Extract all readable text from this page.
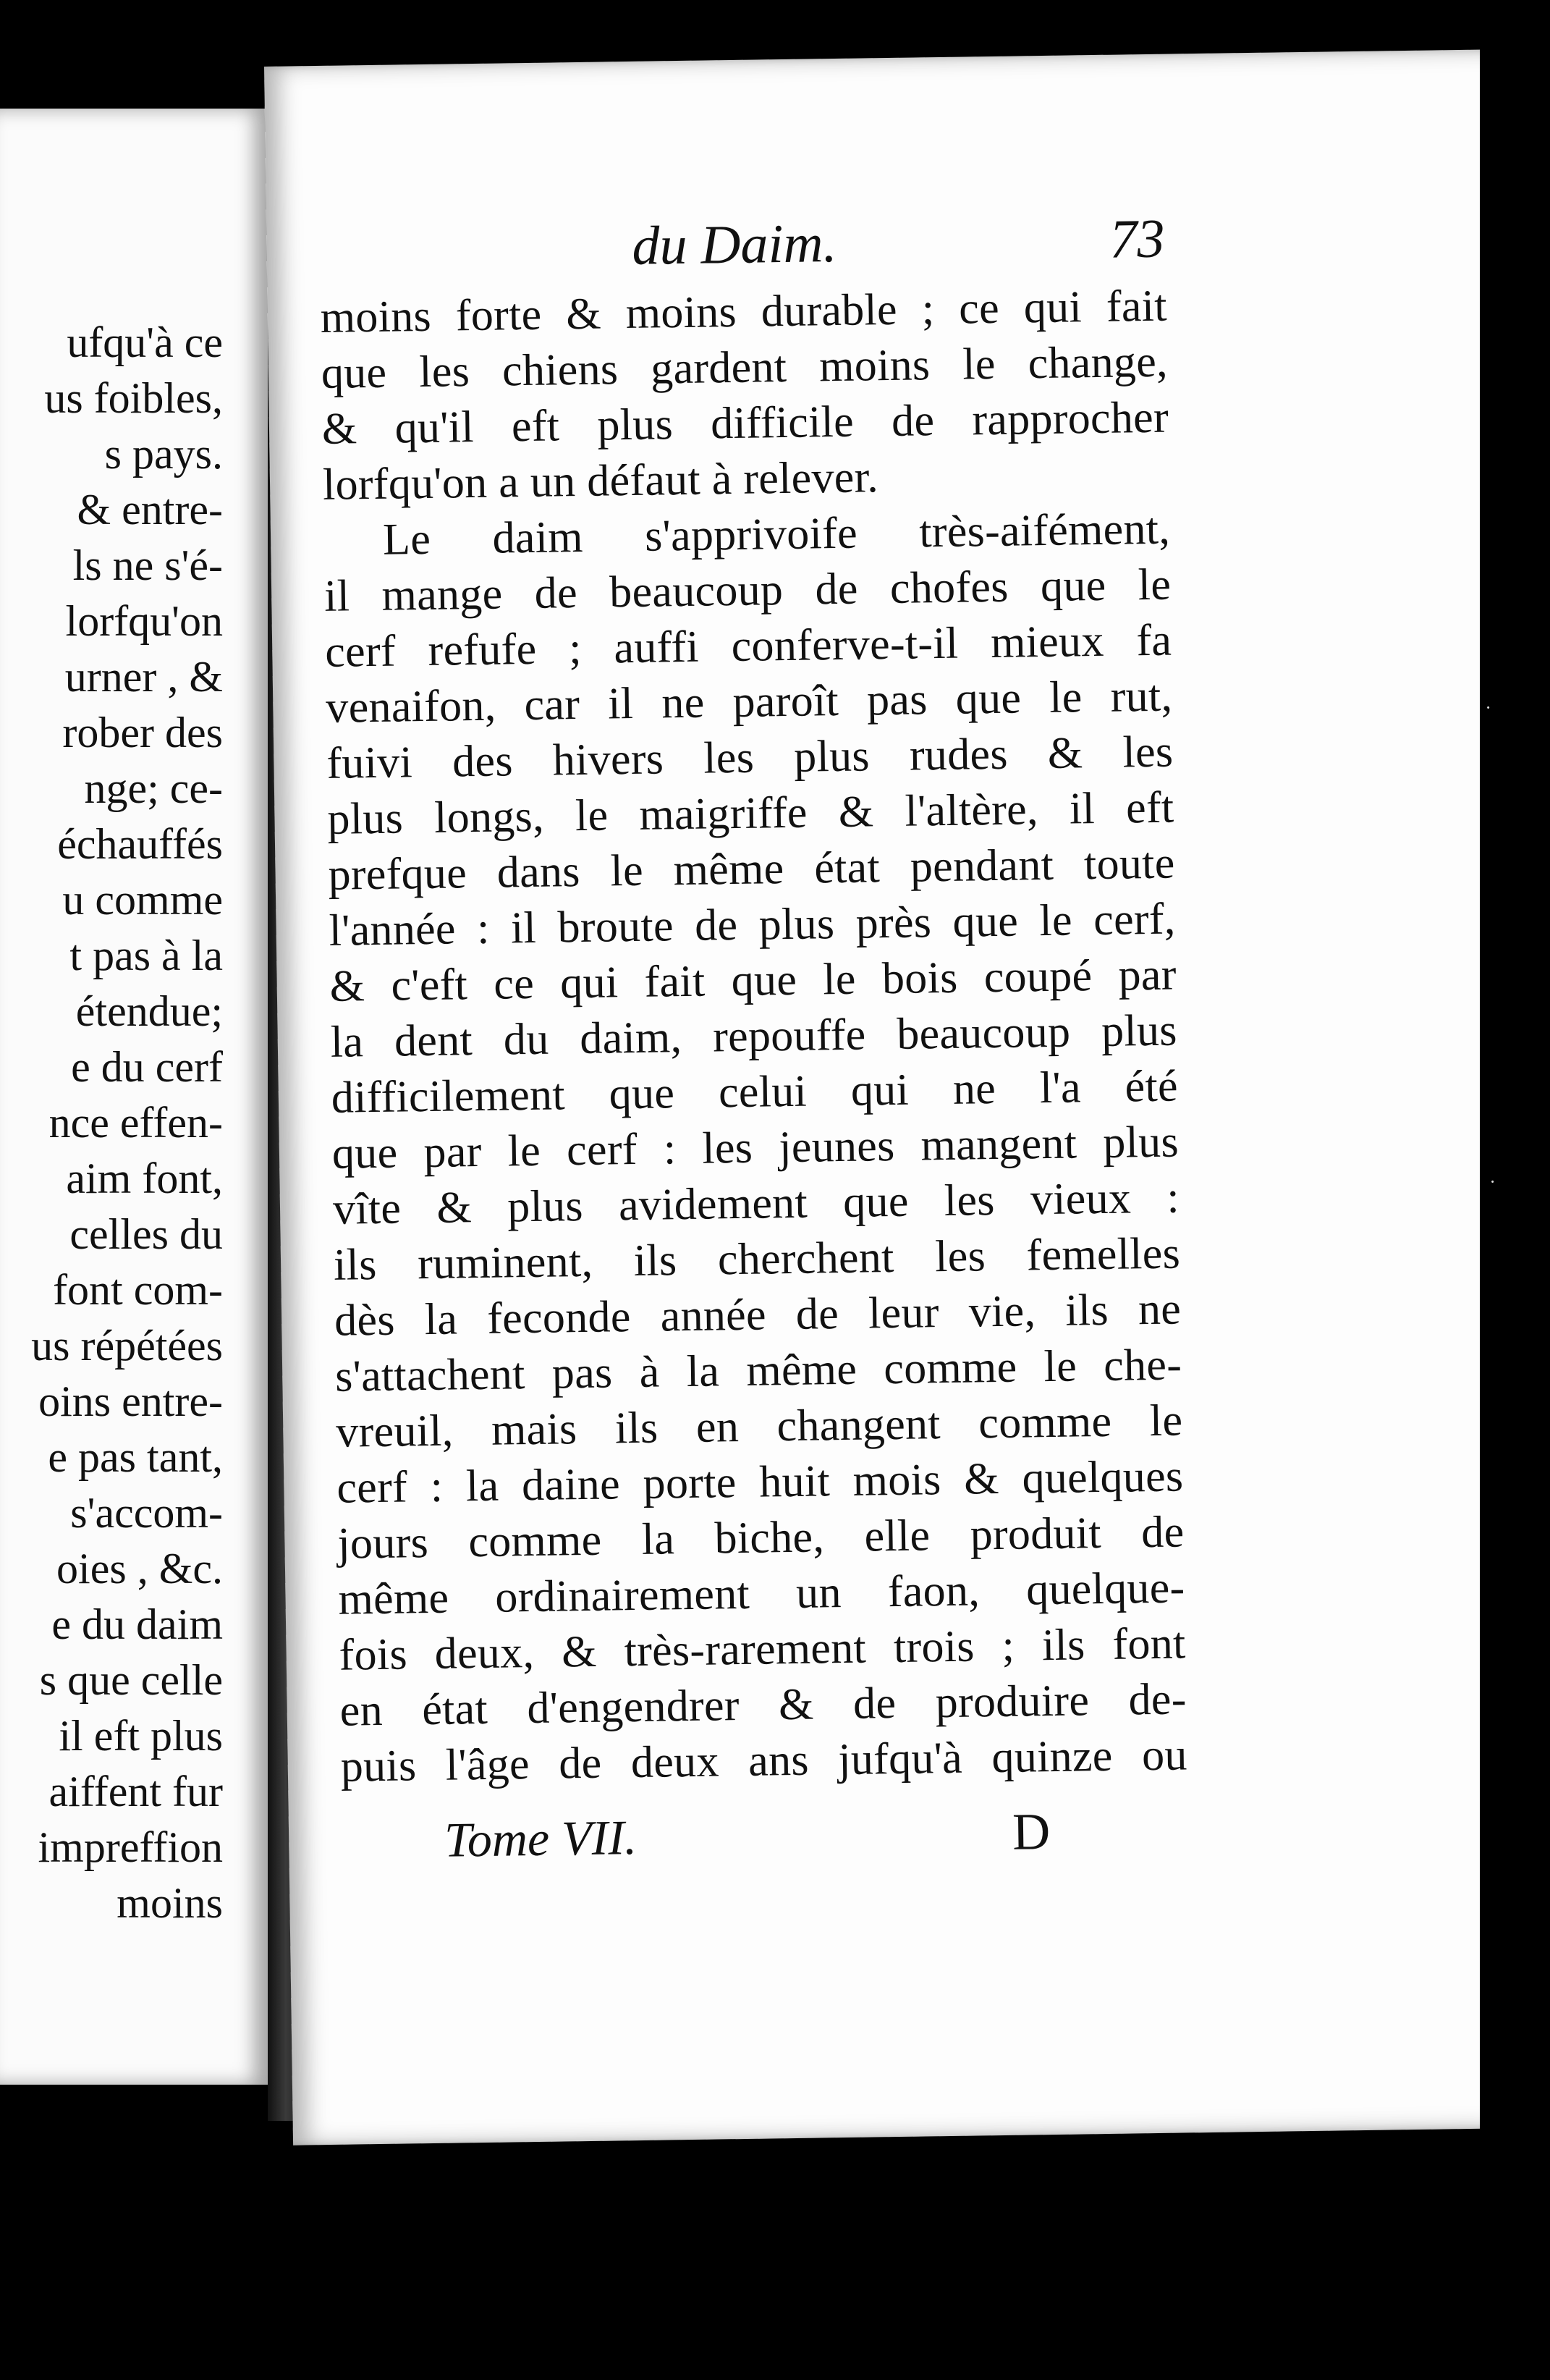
ufqu'à ce
us foibles,
s pays.
& entre-
ls ne s'é-
lorfqu'on
urner , &
rober des
nge; ce-
échauffés
u comme
t pas à la
étendue;
e du cerf
nce effen-
aim font,
celles du
font com-
us répétées
oins entre-
e pas tant,
s'accom-
oies , &c.
e du daim
s que celle
il eft plus
aiffent fur
impreffion
moins
du Daim.	73
moins forte & moins durable ; ce qui fait
que les chiens gardent moins le change,
& qu'il eft plus difficile de rapprocher
lorfqu'on a un défaut à relever.
Le daim s'apprivoife très-aifément,
il mange de beaucoup de chofes que le
cerf refufe ; auffi conferve-t-il mieux fa
venaifon, car il ne paroît pas que le rut,
fuivi des hivers les plus rudes & les
plus longs, le maigriffe & l'altère, il eft
prefque dans le même état pendant toute
l'année : il broute de plus près que le cerf,
& c'eft ce qui fait que le bois coupé par
la dent du daim, repouffe beaucoup plus
difficilement que celui qui ne l'a été
que par le cerf : les jeunes mangent plus
vîte & plus avidement que les vieux :
ils ruminent, ils cherchent les femelles
dès la feconde année de leur vie, ils ne
s'attachent pas à la même comme le che-
vreuil, mais ils en changent comme le
cerf : la daine porte huit mois & quelques
jours comme la biche, elle produit de
même ordinairement un faon, quelque-
fois deux, & très-rarement trois ; ils font
en état d'engendrer & de produire de-
puis l'âge de deux ans jufqu'à quinze ou
Tome VII.	D
·
·
